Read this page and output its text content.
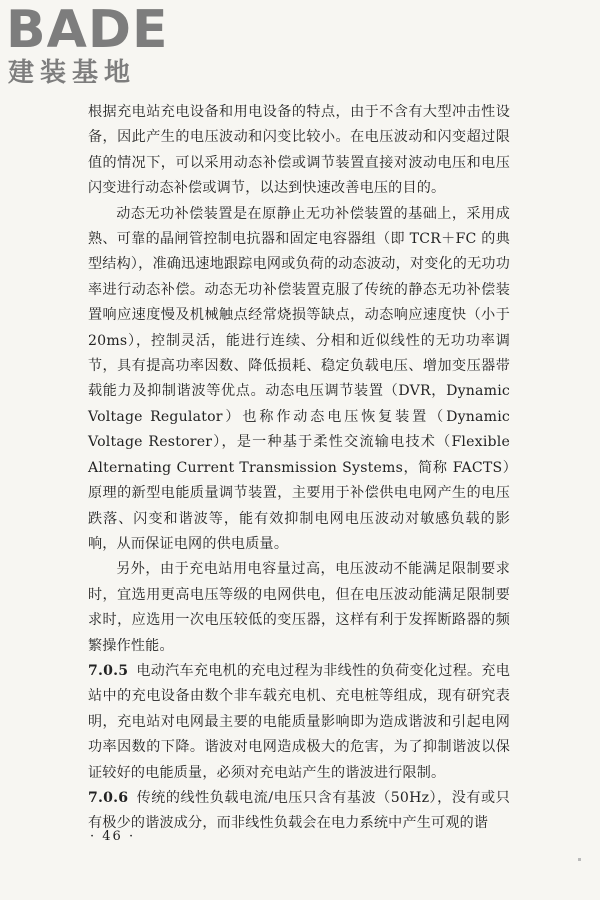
BADE
建装基地

根据充电站充电设备和用电设备的特点，由于不含有大型冲击性设备，因此产生的电压波动和闪变比较小。在电压波动和闪变超过限值的情况下，可以采用动态补偿或调节装置直接对波动电压和电压闪变进行动态补偿或调节，以达到快速改善电压的目的。

动态无功补偿装置是在原静止无功补偿装置的基础上，采用成熟、可靠的晶闸管控制电抗器和固定电容器组（即 TCR＋FC 的典型结构），准确迅速地跟踪电网或负荷的动态波动，对变化的无功功率进行动态补偿。动态无功补偿装置克服了传统的静态无功补偿装置响应速度慢及机械触点经常烧损等缺点，动态响应速度快（小于 20ms），控制灵活，能进行连续、分相和近似线性的无功功率调节，具有提高功率因数、降低损耗、稳定负载电压、增加变压器带载能力及抑制谐波等优点。动态电压调节装置（DVR，Dynamic Voltage Regulator）也称作动态电压恢复装置（Dynamic Voltage Restorer），是一种基于柔性交流输电技术（Flexible Alternating Current Transmission Systems，简称 FACTS）原理的新型电能质量调节装置，主要用于补偿供电电网产生的电压跌落、闪变和谐波等，能有效抑制电网电压波动对敏感负载的影响，从而保证电网的供电质量。

另外，由于充电站用电容量过高，电压波动不能满足限制要求时，宜选用更高电压等级的电网供电，但在电压波动能满足限制要求时，应选用一次电压较低的变压器，这样有利于发挥断路器的频繁操作性能。

7.0.5 电动汽车充电机的充电过程为非线性的负荷变化过程。充电站中的充电设备由数个非车载充电机、充电桩等组成，现有研究表明，充电站对电网最主要的电能质量影响即为造成谐波和引起电网功率因数的下降。谐波对电网造成极大的危害，为了抑制谐波以保证较好的电能质量，必须对充电站产生的谐波进行限制。

7.0.6 传统的线性负载电流/电压只含有基波（50Hz），没有或只有极少的谐波成分，而非线性负载会在电力系统中产生可观的谐

· 46 ·
